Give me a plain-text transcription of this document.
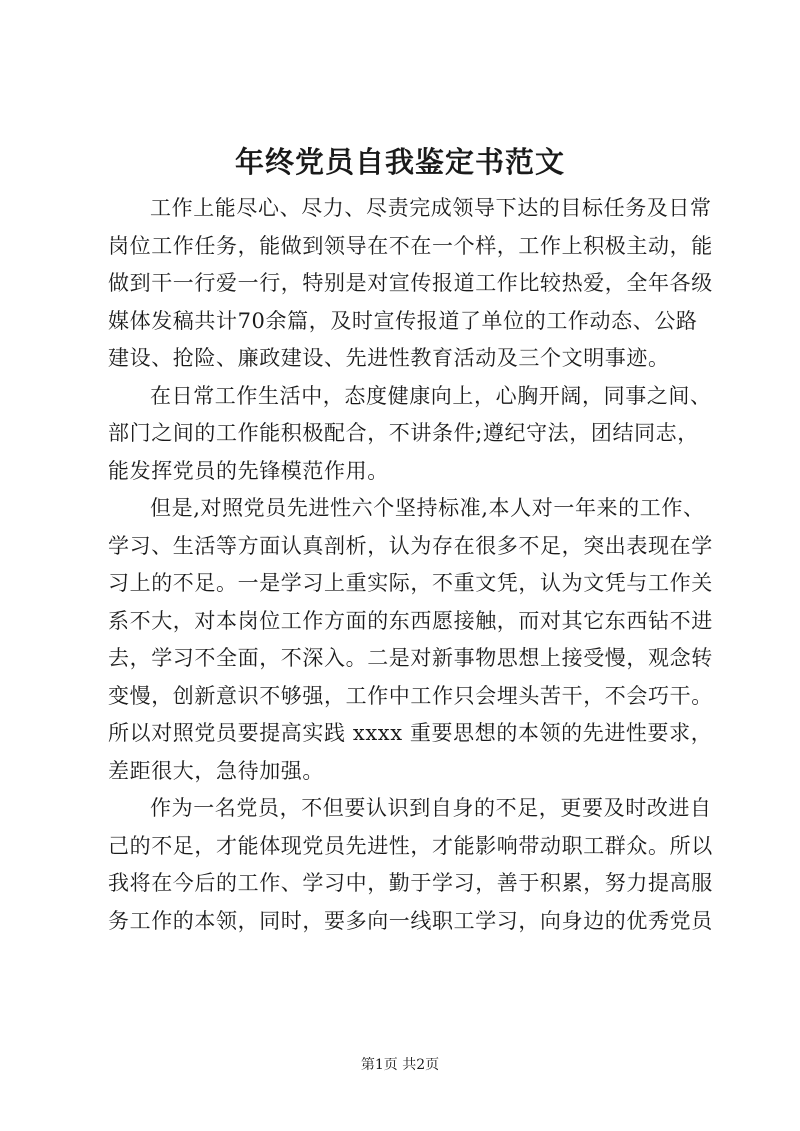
年终党员自我鉴定书范文
工作上能尽心、尽力、尽责完成领导下达的目标任务及日常
岗位工作任务，能做到领导在不在一个样，工作上积极主动，能
做到干一行爱一行，特别是对宣传报道工作比较热爱，全年各级
媒体发稿共计70余篇，及时宣传报道了单位的工作动态、公路
建设、抢险、廉政建设、先进性教育活动及三个文明事迹。
在日常工作生活中，态度健康向上，心胸开阔，同事之间、
部门之间的工作能积极配合，不讲条件;遵纪守法，团结同志，
能发挥党员的先锋模范作用。
但是,对照党员先进性六个坚持标准,本人对一年来的工作、
学习、生活等方面认真剖析，认为存在很多不足，突出表现在学
习上的不足。一是学习上重实际，不重文凭，认为文凭与工作关
系不大，对本岗位工作方面的东西愿接触，而对其它东西钻不进
去，学习不全面，不深入。二是对新事物思想上接受慢，观念转
变慢，创新意识不够强，工作中工作只会埋头苦干，不会巧干。
所以对照党员要提高实践 xxxx 重要思想的本领的先进性要求，
差距很大，急待加强。
作为一名党员，不但要认识到自身的不足，更要及时改进自
己的不足，才能体现党员先进性，才能影响带动职工群众。所以
我将在今后的工作、学习中，勤于学习，善于积累，努力提高服
务工作的本领，同时，要多向一线职工学习，向身边的优秀党员

第1页 共2页
